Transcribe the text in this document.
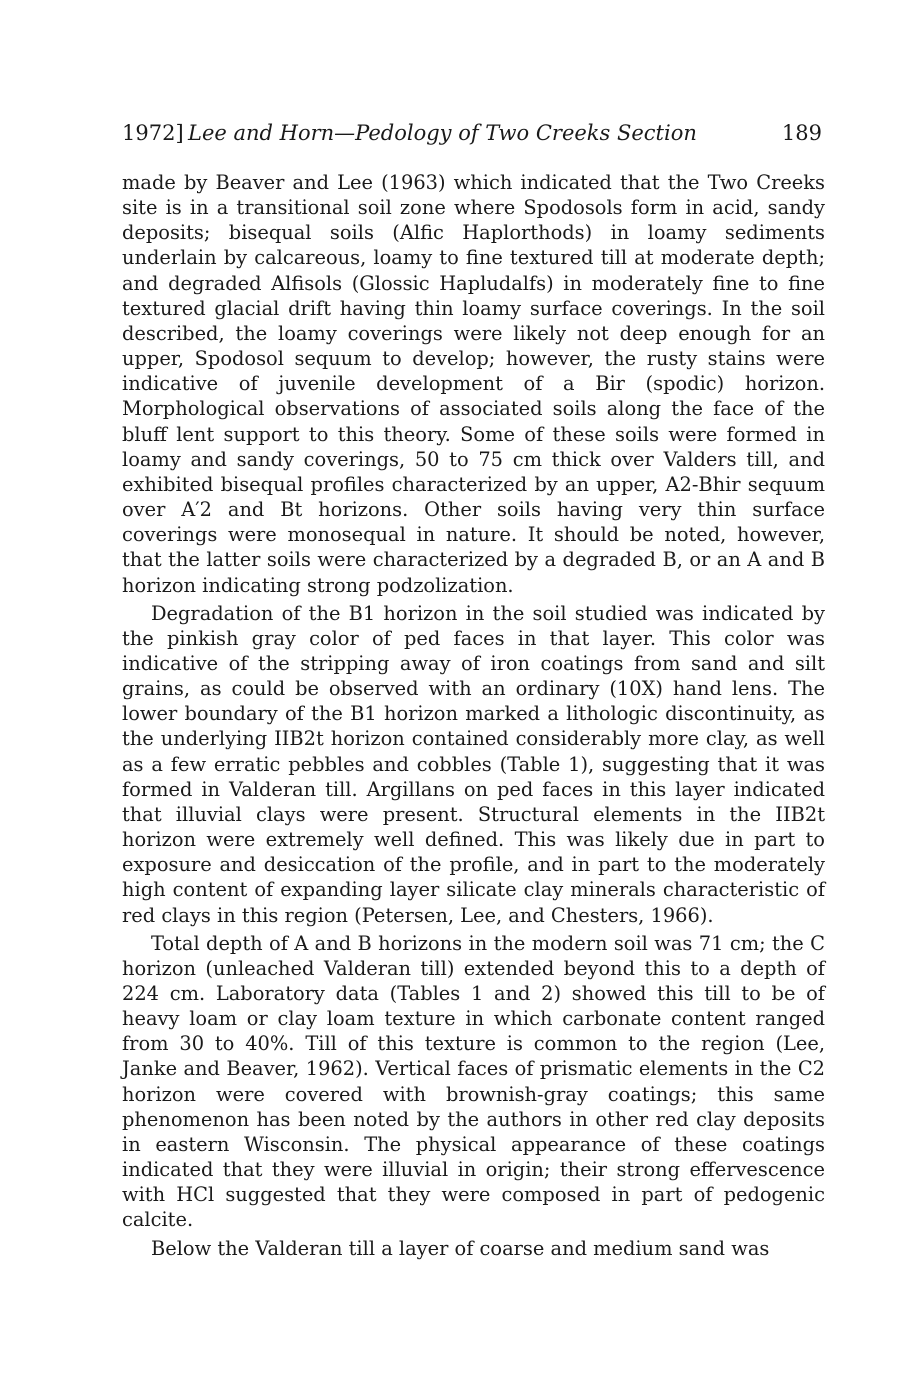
1972] Lee and Horn—Pedology of Two Creeks Section	189

made by Beaver and Lee (1963) which indicated that the Two Creeks site is in a transitional soil zone where Spodosols form in acid, sandy deposits; bisequal soils (Alfic Haplorthods) in loamy sediments underlain by calcareous, loamy to fine textured till at moderate depth; and degraded Alfisols (Glossic Hapludalfs) in moderately fine to fine textured glacial drift having thin loamy surface coverings. In the soil described, the loamy coverings were likely not deep enough for an upper, Spodosol sequum to develop; however, the rusty stains were indicative of juvenile development of a Bir (spodic) horizon. Morphological observations of associated soils along the face of the bluff lent support to this theory. Some of these soils were formed in loamy and sandy coverings, 50 to 75 cm thick over Valders till, and exhibited bisequal profiles characterized by an upper, A2-Bhir sequum over A′2 and Bt horizons. Other soils having very thin surface coverings were monosequal in nature. It should be noted, however, that the latter soils were characterized by a degraded B, or an A and B horizon indicating strong podzolization.

Degradation of the B1 horizon in the soil studied was indicated by the pinkish gray color of ped faces in that layer. This color was indicative of the stripping away of iron coatings from sand and silt grains, as could be observed with an ordinary (10X) hand lens. The lower boundary of the B1 horizon marked a lithologic discontinuity, as the underlying IIB2t horizon contained considerably more clay, as well as a few erratic pebbles and cobbles (Table 1), suggesting that it was formed in Valderan till. Argillans on ped faces in this layer indicated that illuvial clays were present. Structural elements in the IIB2t horizon were extremely well defined. This was likely due in part to exposure and desiccation of the profile, and in part to the moderately high content of expanding layer silicate clay minerals characteristic of red clays in this region (Petersen, Lee, and Chesters, 1966).

Total depth of A and B horizons in the modern soil was 71 cm; the C horizon (unleached Valderan till) extended beyond this to a depth of 224 cm. Laboratory data (Tables 1 and 2) showed this till to be of heavy loam or clay loam texture in which carbonate content ranged from 30 to 40%. Till of this texture is common to the region (Lee, Janke and Beaver, 1962). Vertical faces of prismatic elements in the C2 horizon were covered with brownish-gray coatings; this same phenomenon has been noted by the authors in other red clay deposits in eastern Wisconsin. The physical appearance of these coatings indicated that they were illuvial in origin; their strong effervescence with HCl suggested that they were composed in part of pedogenic calcite.

Below the Valderan till a layer of coarse and medium sand was
